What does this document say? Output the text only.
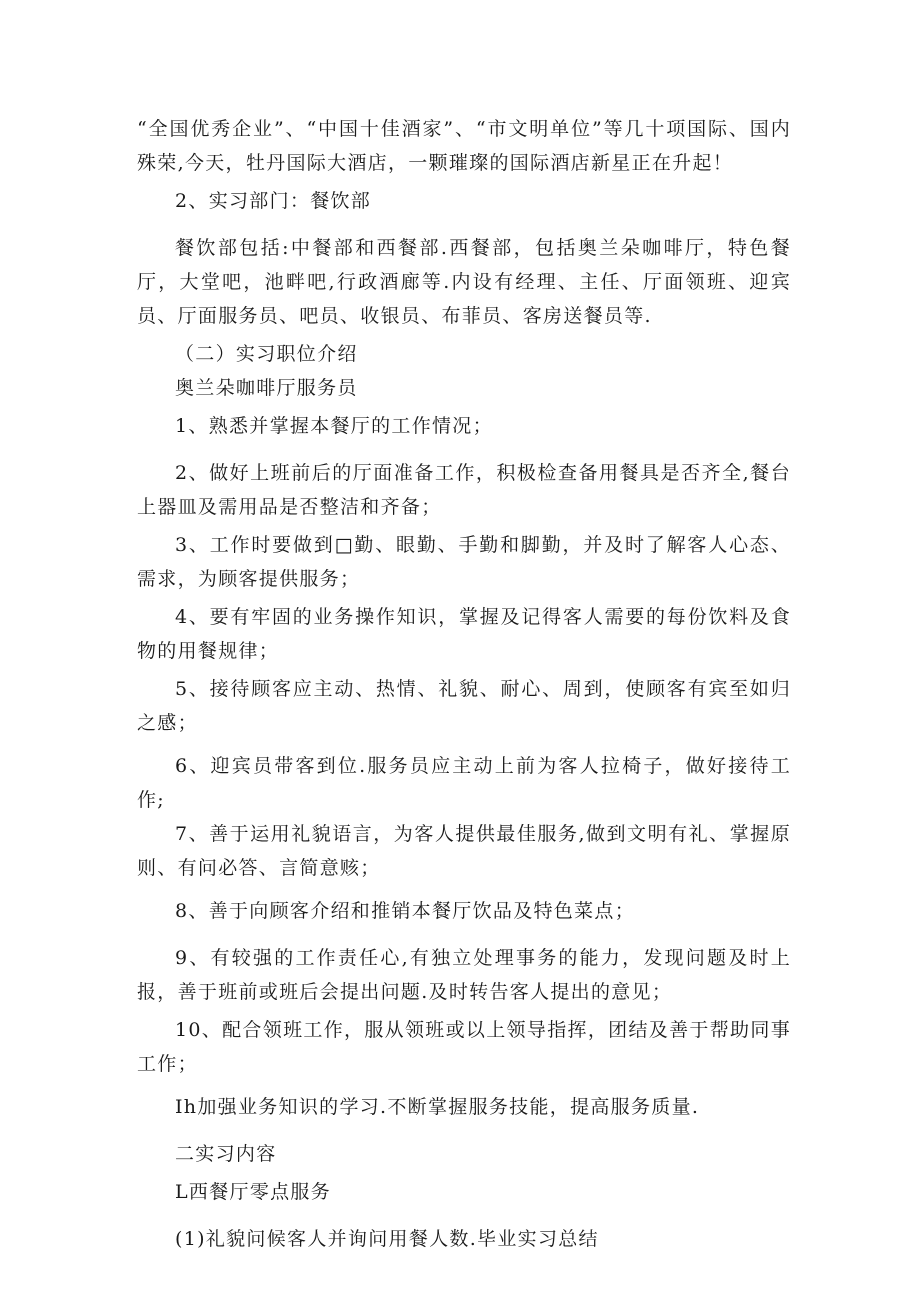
“全国优秀企业”、“中国十佳酒家”、“市文明单位”等几十项国际、国内殊荣,今天，牡丹国际大酒店，一颗璀璨的国际酒店新星正在升起！

2、实习部门：餐饮部

餐饮部包括:中餐部和西餐部.西餐部，包括奥兰朵咖啡厅，特色餐厅，大堂吧，池畔吧,行政酒廊等.内设有经理、主任、厅面领班、迎宾员、厅面服务员、吧员、收银员、布菲员、客房送餐员等.

（二）实习职位介绍

奥兰朵咖啡厅服务员

1、熟悉并掌握本餐厅的工作情况；

2、做好上班前后的厅面准备工作，积极检查备用餐具是否齐全,餐台上器皿及需用品是否整洁和齐备；

3、工作时要做到□勤、眼勤、手勤和脚勤，并及时了解客人心态、需求，为顾客提供服务；

4、要有牢固的业务操作知识，掌握及记得客人需要的每份饮料及食物的用餐规律；

5、接待顾客应主动、热情、礼貌、耐心、周到，使顾客有宾至如归之感；

6、迎宾员带客到位.服务员应主动上前为客人拉椅子，做好接待工作;

7、善于运用礼貌语言，为客人提供最佳服务,做到文明有礼、掌握原则、有问必答、言简意赅；

8、善于向顾客介绍和推销本餐厅饮品及特色菜点；

9、有较强的工作责任心,有独立处理事务的能力，发现问题及时上报，善于班前或班后会提出问题.及时转告客人提出的意见；

10、配合领班工作，服从领班或以上领导指挥，团结及善于帮助同事工作；

Ih加强业务知识的学习.不断掌握服务技能，提高服务质量.

二实习内容

L西餐厅零点服务

(1)礼貌问候客人并询问用餐人数.毕业实习总结
